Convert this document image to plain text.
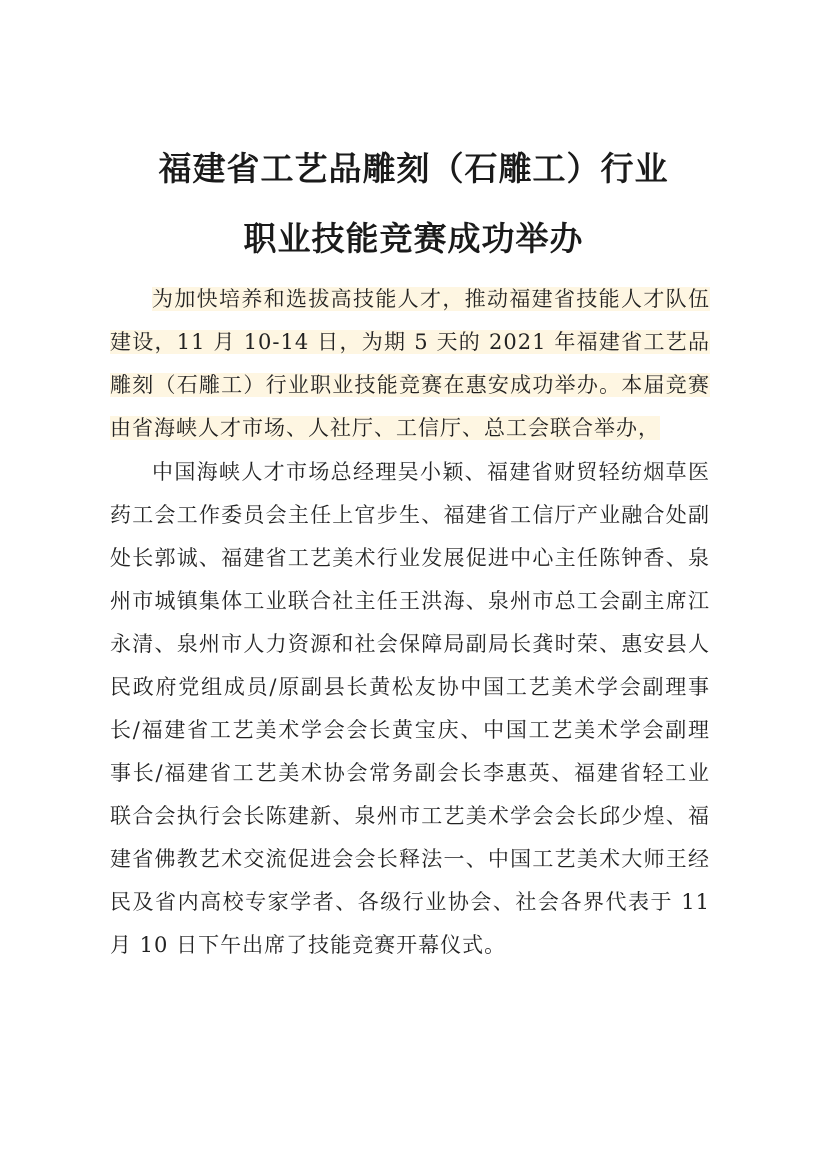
福建省工艺品雕刻（石雕工）行业
职业技能竞赛成功举办

为加快培养和选拔高技能人才，推动福建省技能人才队伍建设，11 月 10-14 日，为期 5 天的 2021 年福建省工艺品雕刻（石雕工）行业职业技能竞赛在惠安成功举办。本届竞赛由省海峡人才市场、人社厅、工信厅、总工会联合举办，

中国海峡人才市场总经理吴小颖、福建省财贸轻纺烟草医药工会工作委员会主任上官步生、福建省工信厅产业融合处副处长郭诚、福建省工艺美术行业发展促进中心主任陈钟香、泉州市城镇集体工业联合社主任王洪海、泉州市总工会副主席江永清、泉州市人力资源和社会保障局副局长龚时荣、惠安县人民政府党组成员/原副县长黄松友协中国工艺美术学会副理事长/福建省工艺美术学会会长黄宝庆、中国工艺美术学会副理事长/福建省工艺美术协会常务副会长李惠英、福建省轻工业联合会执行会长陈建新、泉州市工艺美术学会会长邱少煌、福建省佛教艺术交流促进会会长释法一、中国工艺美术大师王经民及省内高校专家学者、各级行业协会、社会各界代表于 11 月 10 日下午出席了技能竞赛开幕仪式。
